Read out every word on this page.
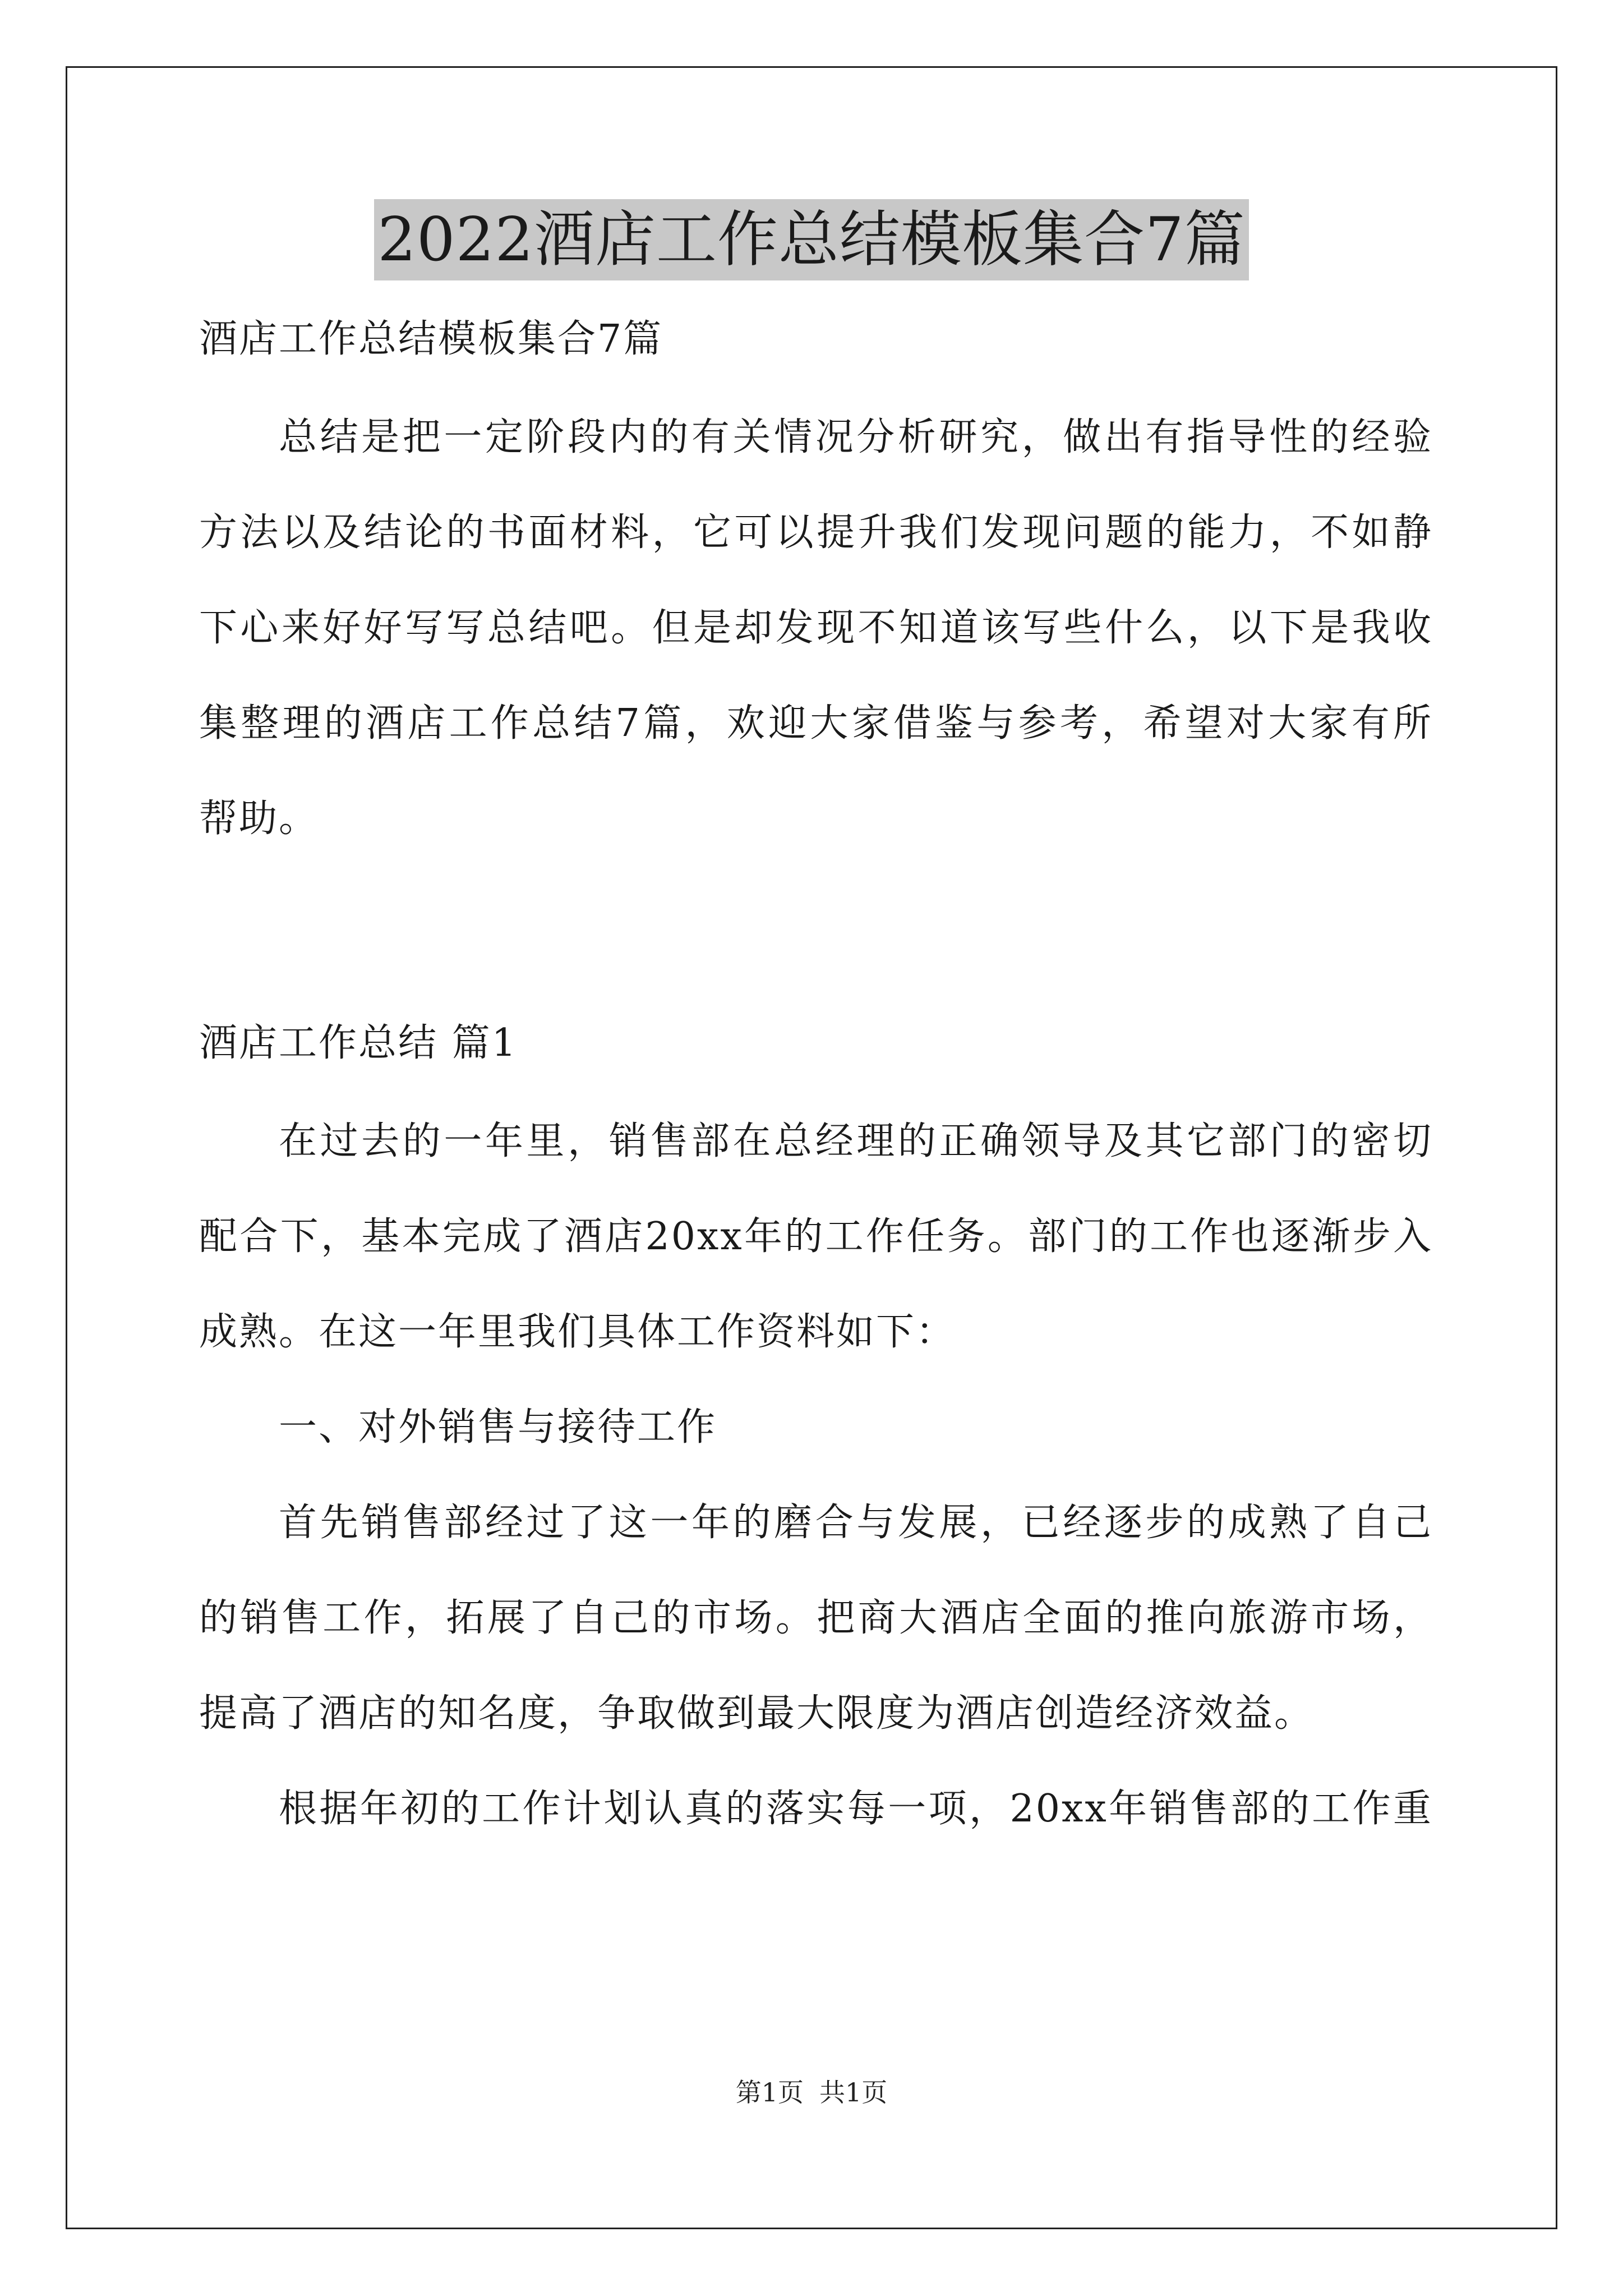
2022酒店工作总结模板集合7篇
酒店工作总结模板集合7篇
总结是把一定阶段内的有关情况分析研究，做出有指导性的经验
方法以及结论的书面材料，它可以提升我们发现问题的能力，不如静
下心来好好写写总结吧。但是却发现不知道该写些什么，以下是我收
集整理的酒店工作总结7篇，欢迎大家借鉴与参考，希望对大家有所
帮助。
酒店工作总结 篇1
在过去的一年里，销售部在总经理的正确领导及其它部门的密切
配合下，基本完成了酒店20xx年的工作任务。部门的工作也逐渐步入
成熟。在这一年里我们具体工作资料如下：
一、对外销售与接待工作
首先销售部经过了这一年的磨合与发展，已经逐步的成熟了自己
的销售工作，拓展了自己的市场。把商大酒店全面的推向旅游市场，
提高了酒店的知名度，争取做到最大限度为酒店创造经济效益。
根据年初的工作计划认真的落实每一项，20xx年销售部的工作重
第1页 共1页
